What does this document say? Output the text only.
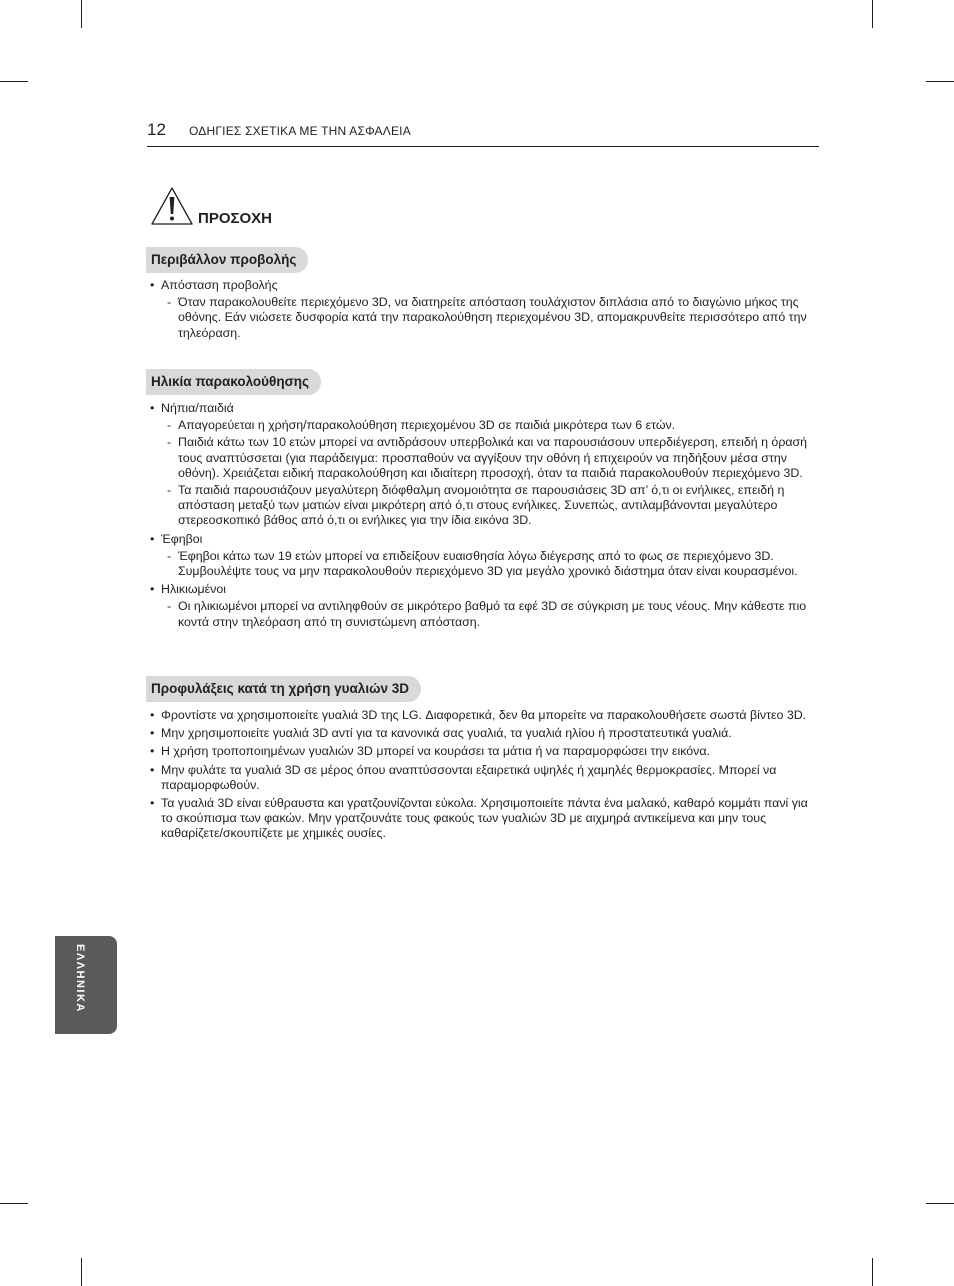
12 ΟΔΗΓΙΕΣ ΣΧΕΤΙΚΑ ΜΕ ΤΗΝ ΑΣΦΑΛΕΙΑ
ΠΡΟΣΟΧΗ
Περιβάλλον προβολής

• Απόσταση προβολής

- Όταν παρακολουθείτε περιεχόμενο 3D, να διατηρείτε απόσταση τουλάχιστον διπλάσια από το διαγώνιο μήκος της οθόνης. Εάν νιώσετε δυσφορία κατά την παρακολούθηση περιεχομένου 3D, απομακρυνθείτε περισσότερο από την τηλεόραση.

Ηλικία παρακολούθησης

• Νήπια/παιδιά

- Απαγορεύεται η χρήση/παρακολούθηση περιεχομένου 3D σε παιδιά μικρότερα των 6 ετών.

- Παιδιά κάτω των 10 ετών μπορεί να αντιδράσουν υπερβολικά και να παρουσιάσουν υπερδιέγερση, επειδή η όρασή τους αναπτύσσεται (για παράδειγμα: προσπαθούν να αγγίξουν την οθόνη ή επιχειρούν να πηδήξουν μέσα στην οθόνη). Χρειάζεται ειδική παρακολούθηση και ιδιαίτερη προσοχή, όταν τα παιδιά παρακολουθούν περιεχόμενο 3D.

- Τα παιδιά παρουσιάζουν μεγαλύτερη διόφθαλμη ανομοιότητα σε παρουσιάσεις 3D απ’ ό,τι οι ενήλικες, επειδή η απόσταση μεταξύ των ματιών είναι μικρότερη από ό,τι στους ενήλικες. Συνεπώς, αντιλαμβάνονται μεγαλύτερο στερεοσκοπικό βάθος από ό,τι οι ενήλικες για την ίδια εικόνα 3D.

• Έφηβοι

- Έφηβοι κάτω των 19 ετών μπορεί να επιδείξουν ευαισθησία λόγω διέγερσης από το φως σε περιεχόμενο 3D. Συμβουλέψτε τους να μην παρακολουθούν περιεχόμενο 3D για μεγάλο χρονικό διάστημα όταν είναι κουρασμένοι.

• Ηλικιωμένοι

- Οι ηλικιωμένοι μπορεί να αντιληφθούν σε μικρότερο βαθμό τα εφέ 3D σε σύγκριση με τους νέους. Μην κάθεστε πιο κοντά στην τηλεόραση από τη συνιστώμενη απόσταση.

Προφυλάξεις κατά τη χρήση γυαλιών 3D

• Φροντίστε να χρησιμοποιείτε γυαλιά 3D της LG. Διαφορετικά, δεν θα μπορείτε να παρακολουθήσετε σωστά βίντεο 3D.

• Μην χρησιμοποιείτε γυαλιά 3D αντί για τα κανονικά σας γυαλιά, τα γυαλιά ηλίου ή προστατευτικά γυαλιά.

• Η χρήση τροποποιημένων γυαλιών 3D μπορεί να κουράσει τα μάτια ή να παραμορφώσει την εικόνα.

• Μην φυλάτε τα γυαλιά 3D σε μέρος όπου αναπτύσσονται εξαιρετικά υψηλές ή χαμηλές θερμοκρασίες. Μπορεί να παραμορφωθούν.

• Τα γυαλιά 3D είναι εύθραυστα και γρατζουνίζονται εύκολα. Χρησιμοποιείτε πάντα ένα μαλακό, καθαρό κομμάτι πανί για το σκούπισμα των φακών. Μην γρατζουνάτε τους φακούς των γυαλιών 3D με αιχμηρά αντικείμενα και μην τους καθαρίζετε/σκουπίζετε με χημικές ουσίες.

ΕΛΛΗΝΙΚΑ
